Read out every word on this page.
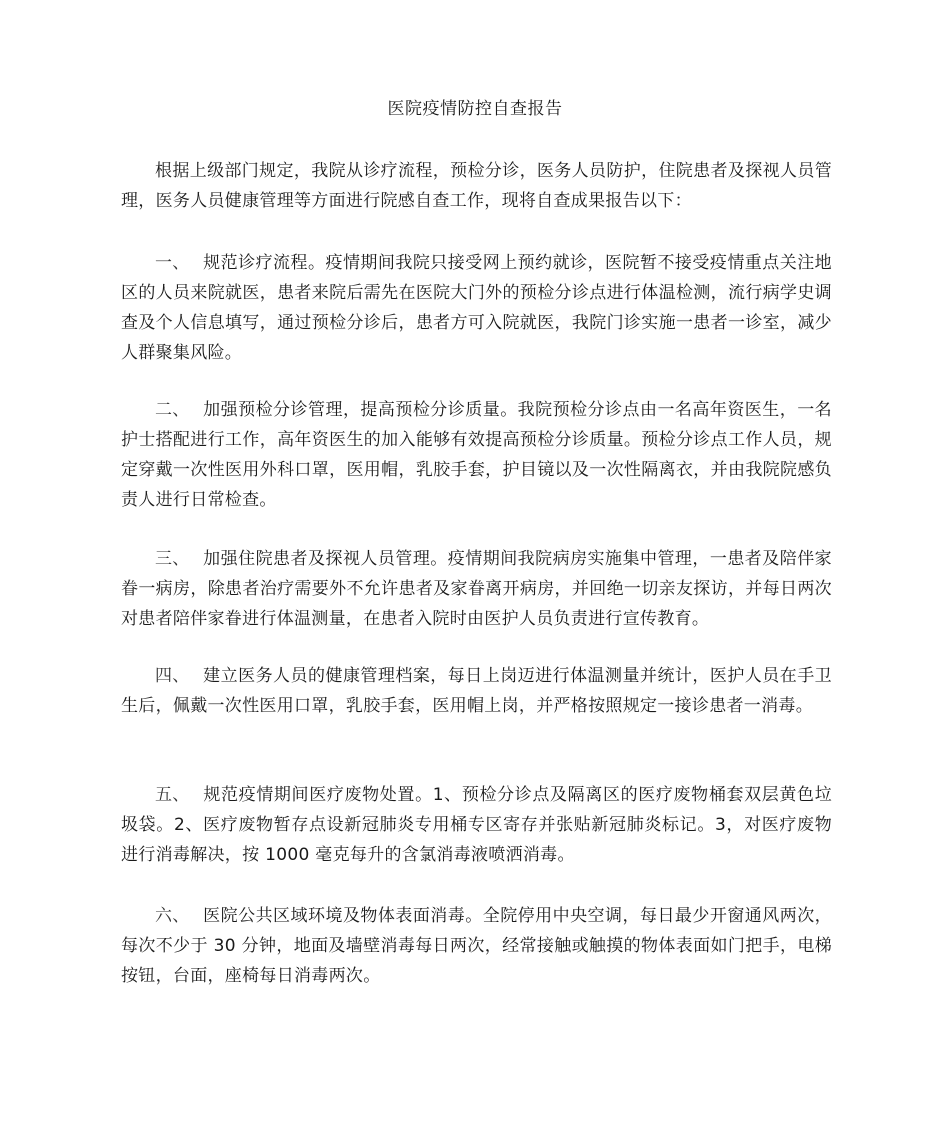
医院疫情防控自查报告

根据上级部门规定，我院从诊疗流程，预检分诊，医务人员防护，住院患者及探视人员管理，医务人员健康管理等方面进行院感自查工作，现将自查成果报告以下：

一、 规范诊疗流程。疫情期间我院只接受网上预约就诊，医院暂不接受疫情重点关注地区的人员来院就医，患者来院后需先在医院大门外的预检分诊点进行体温检测，流行病学史调查及个人信息填写，通过预检分诊后，患者方可入院就医，我院门诊实施一患者一诊室，减少人群聚集风险。

二、 加强预检分诊管理，提高预检分诊质量。我院预检分诊点由一名高年资医生，一名护士搭配进行工作，高年资医生的加入能够有效提高预检分诊质量。预检分诊点工作人员，规定穿戴一次性医用外科口罩，医用帽，乳胶手套，护目镜以及一次性隔离衣，并由我院院感负责人进行日常检查。

三、 加强住院患者及探视人员管理。疫情期间我院病房实施集中管理，一患者及陪伴家眷一病房，除患者治疗需要外不允许患者及家眷离开病房，并回绝一切亲友探访，并每日两次对患者陪伴家眷进行体温测量，在患者入院时由医护人员负责进行宣传教育。

四、 建立医务人员的健康管理档案，每日上岗迈进行体温测量并统计，医护人员在手卫生后，佩戴一次性医用口罩，乳胶手套，医用帽上岗，并严格按照规定一接诊患者一消毒。

五、 规范疫情期间医疗废物处置。1、预检分诊点及隔离区的医疗废物桶套双层黄色垃圾袋。2、医疗废物暂存点设新冠肺炎专用桶专区寄存并张贴新冠肺炎标记。3，对医疗废物进行消毒解决，按 1000 毫克每升的含氯消毒液喷洒消毒。

六、 医院公共区域环境及物体表面消毒。全院停用中央空调，每日最少开窗通风两次，每次不少于 30 分钟，地面及墙壁消毒每日两次，经常接触或触摸的物体表面如门把手，电梯按钮，台面，座椅每日消毒两次。
